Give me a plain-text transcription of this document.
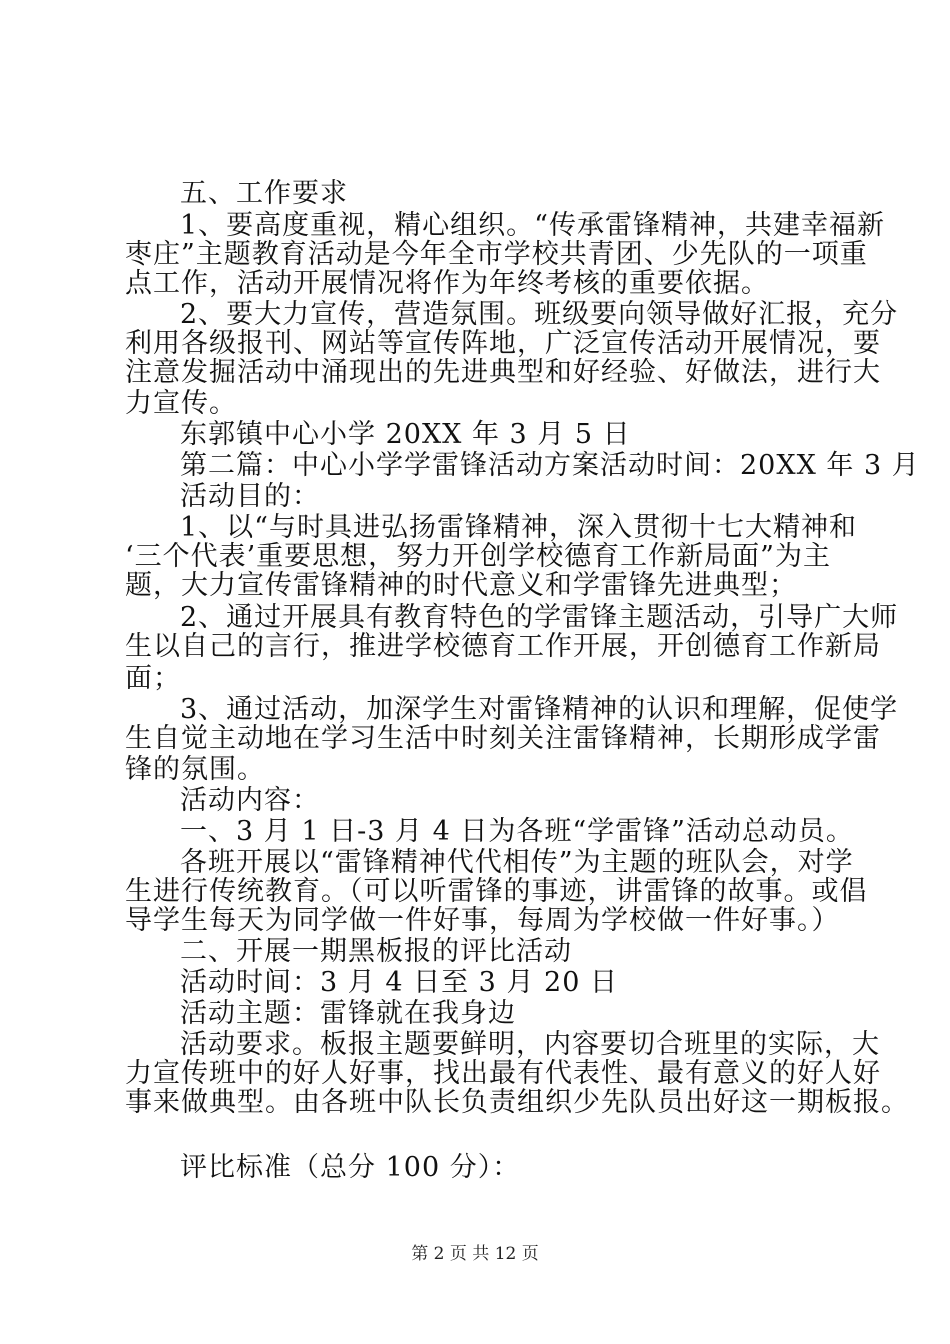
五、工作要求
1、要高度重视，精心组织。“传承雷锋精神，共建幸福新
枣庄”主题教育活动是今年全市学校共青团、少先队的一项重
点工作，活动开展情况将作为年终考核的重要依据。
2、要大力宣传，营造氛围。班级要向领导做好汇报，充分
利用各级报刊、网站等宣传阵地，广泛宣传活动开展情况，要
注意发掘活动中涌现出的先进典型和好经验、好做法，进行大
力宣传。
东郭镇中心小学 20XX 年 3 月 5 日
第二篇：中心小学学雷锋活动方案活动时间：20XX 年 3 月
活动目的：
1、以“与时具进弘扬雷锋精神，深入贯彻十七大精神和
‘三个代表’重要思想，努力开创学校德育工作新局面”为主
题，大力宣传雷锋精神的时代意义和学雷锋先进典型；
2、通过开展具有教育特色的学雷锋主题活动，引导广大师
生以自己的言行，推进学校德育工作开展，开创德育工作新局
面；
3、通过活动，加深学生对雷锋精神的认识和理解，促使学
生自觉主动地在学习生活中时刻关注雷锋精神，长期形成学雷
锋的氛围。
活动内容：
一、3 月 1 日-3 月 4 日为各班“学雷锋”活动总动员。
各班开展以“雷锋精神代代相传”为主题的班队会，对学
生进行传统教育。（可以听雷锋的事迹，讲雷锋的故事。或倡
导学生每天为同学做一件好事，每周为学校做一件好事。）
二、开展一期黑板报的评比活动
活动时间：3 月 4 日至 3 月 20 日
活动主题：雷锋就在我身边
活动要求。板报主题要鲜明，内容要切合班里的实际，大
力宣传班中的好人好事，找出最有代表性、最有意义的好人好
事来做典型。由各班中队长负责组织少先队员出好这一期板报。
评比标准（总分 100 分）：
第 2 页 共 12 页
